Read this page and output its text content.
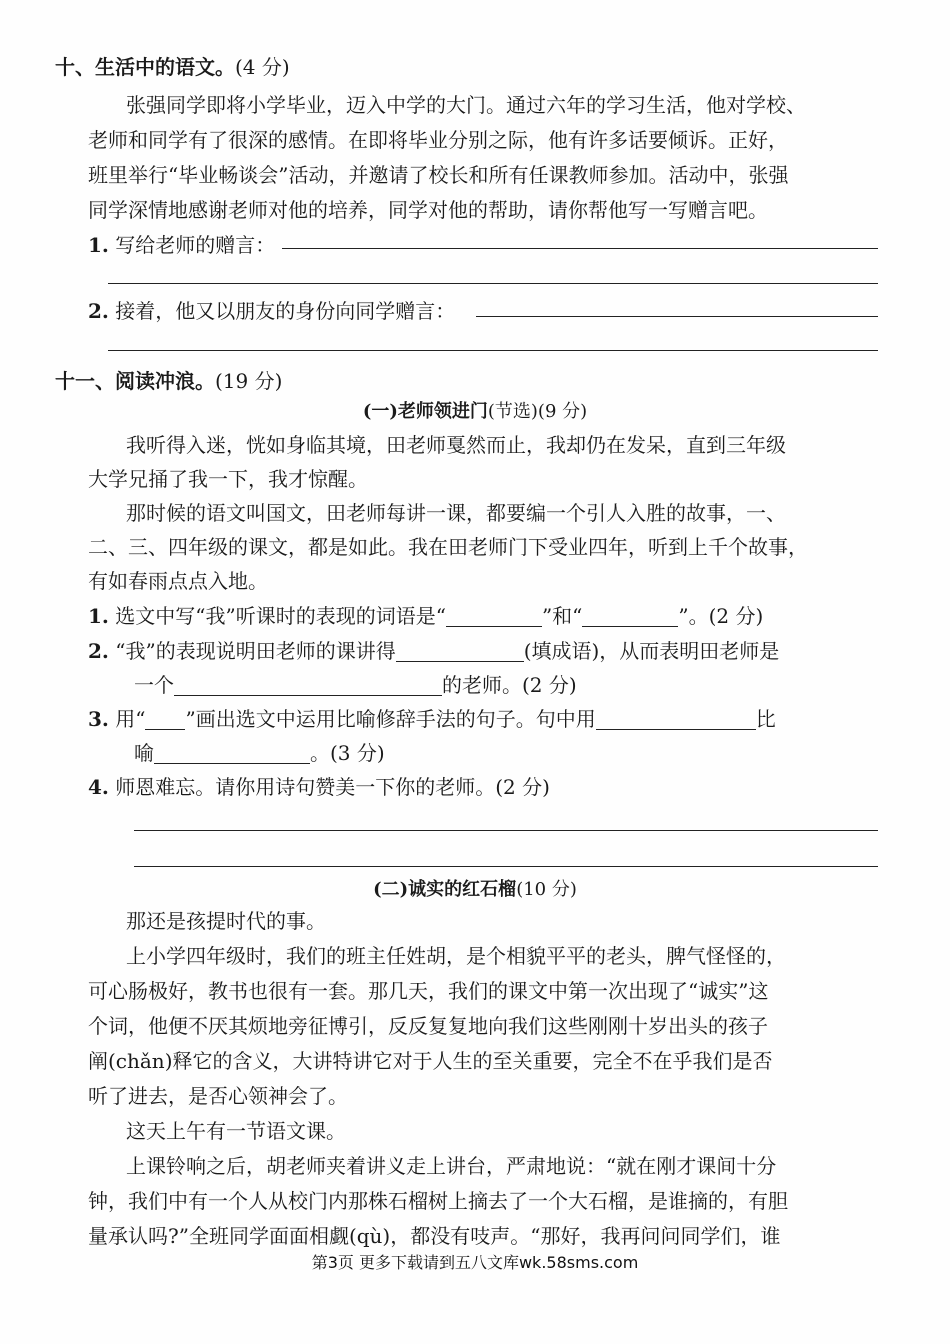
十、生活中的语文。(4 分)
张强同学即将小学毕业，迈入中学的大门。通过六年的学习生活，他对学校、
老师和同学有了很深的感情。在即将毕业分别之际，他有许多话要倾诉。正好，
班里举行“毕业畅谈会”活动，并邀请了校长和所有任课教师参加。活动中，张强
同学深情地感谢老师对他的培养，同学对他的帮助，请你帮他写一写赠言吧。
1. 写给老师的赠言：
2. 接着，他又以朋友的身份向同学赠言：
十一、阅读冲浪。(19 分)
(一)老师领进门(节选)(9 分)
我听得入迷，恍如身临其境，田老师戛然而止，我却仍在发呆，直到三年级
大学兄捅了我一下，我才惊醒。
那时候的语文叫国文，田老师每讲一课，都要编一个引人入胜的故事，一、
二、三、四年级的课文，都是如此。我在田老师门下受业四年，听到上千个故事，
有如春雨点点入地。
1. 选文中写“我”听课时的表现的词语是“	”和“	”。(2 分)
2. “我”的表现说明田老师的课讲得	(填成语)，从而表明田老师是
一个	的老师。(2 分)
3. 用“ ”画出选文中运用比喻修辞手法的句子。句中用	比
喻	。(3 分)
4. 师恩难忘。请你用诗句赞美一下你的老师。(2 分)
(二)诚实的红石榴(10 分)
那还是孩提时代的事。
上小学四年级时，我们的班主任姓胡，是个相貌平平的老头，脾气怪怪的，
可心肠极好，教书也很有一套。那几天，我们的课文中第一次出现了“诚实”这
个词，他便不厌其烦地旁征博引，反反复复地向我们这些刚刚十岁出头的孩子
阐(chǎn)释它的含义，大讲特讲它对于人生的至关重要，完全不在乎我们是否
听了进去，是否心领神会了。
这天上午有一节语文课。
上课铃响之后，胡老师夹着讲义走上讲台，严肃地说：“就在刚才课间十分
钟，我们中有一个人从校门内那株石榴树上摘去了一个大石榴，是谁摘的，有胆
量承认吗?”全班同学面面相觑(qù)，都没有吱声。“那好，我再问问同学们，谁
第3页 更多下载请到五八文库wk.58sms.com
